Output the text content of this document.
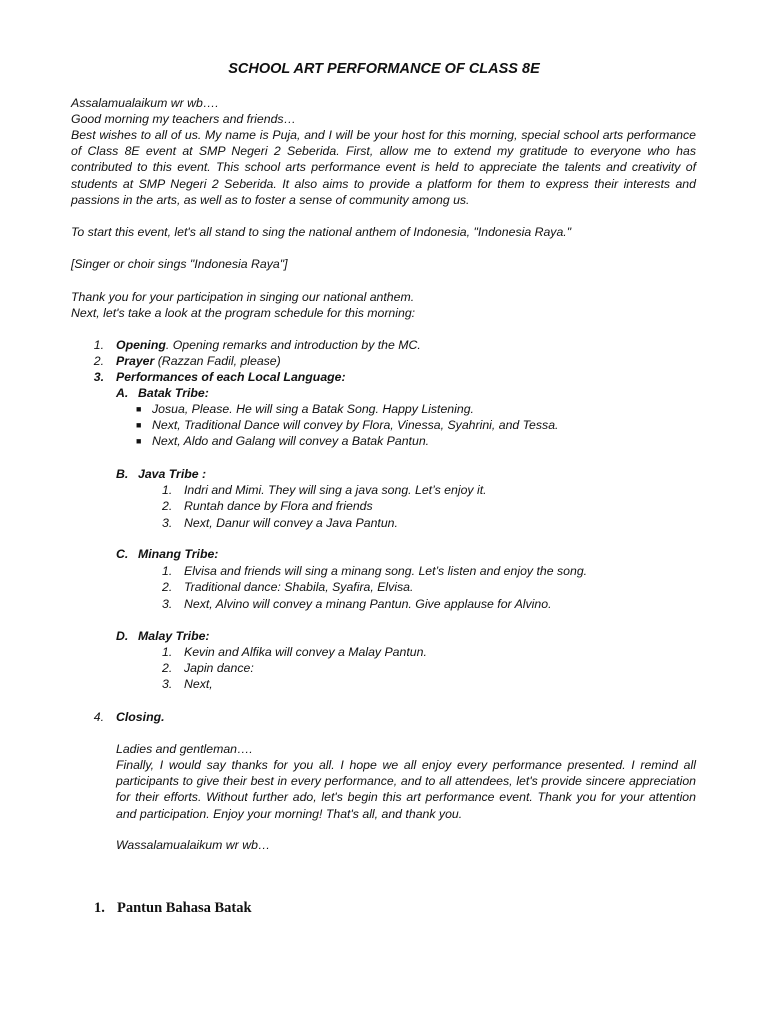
SCHOOL ART PERFORMANCE OF CLASS 8E
Assalamualaikum wr wb….
Good morning my teachers and friends…
Best wishes to all of us. My name is Puja, and I will be your host for this morning, special school arts performance of Class 8E event at SMP Negeri 2 Seberida. First, allow me to extend my gratitude to everyone who has contributed to this event. This school arts performance event is held to appreciate the talents and creativity of students at SMP Negeri 2 Seberida. It also aims to provide a platform for them to express their interests and passions in the arts, as well as to foster a sense of community among us.
To start this event, let's all stand to sing the national anthem of Indonesia, "Indonesia Raya."
[Singer or choir sings "Indonesia Raya"]
Thank you for your participation in singing our national anthem.
Next, let's take a look at the program schedule for this morning:
1. Opening. Opening remarks and introduction by the MC.
2. Prayer (Razzan Fadil, please)
3. Performances of each Local Language:
A. Batak Tribe:
■ Josua, Please. He will sing a Batak Song. Happy Listening.
■ Next, Traditional Dance will convey by Flora, Vinessa, Syahrini, and Tessa.
■ Next, Aldo and Galang will convey a Batak Pantun.
B. Java Tribe :
1. Indri and Mimi. They will sing a java song. Let’s enjoy it.
2. Runtah dance by Flora and friends
3. Next, Danur will convey a Java Pantun.
C. Minang Tribe:
1. Elvisa and friends will sing a minang song. Let’s listen and enjoy the song.
2. Traditional dance: Shabila, Syafira, Elvisa.
3. Next, Alvino will convey a minang Pantun. Give applause for Alvino.
D. Malay Tribe:
1. Kevin and Alfika will convey a Malay Pantun.
2. Japin dance:
3. Next,
4. Closing.
Ladies and gentleman….
Finally, I would say thanks for you all. I hope we all enjoy every performance presented. I remind all participants to give their best in every performance, and to all attendees, let's provide sincere appreciation for their efforts. Without further ado, let's begin this art performance event. Thank you for your attention and participation. Enjoy your morning! That's all, and thank you.
Wassalamualaikum wr wb…
1. Pantun Bahasa Batak
